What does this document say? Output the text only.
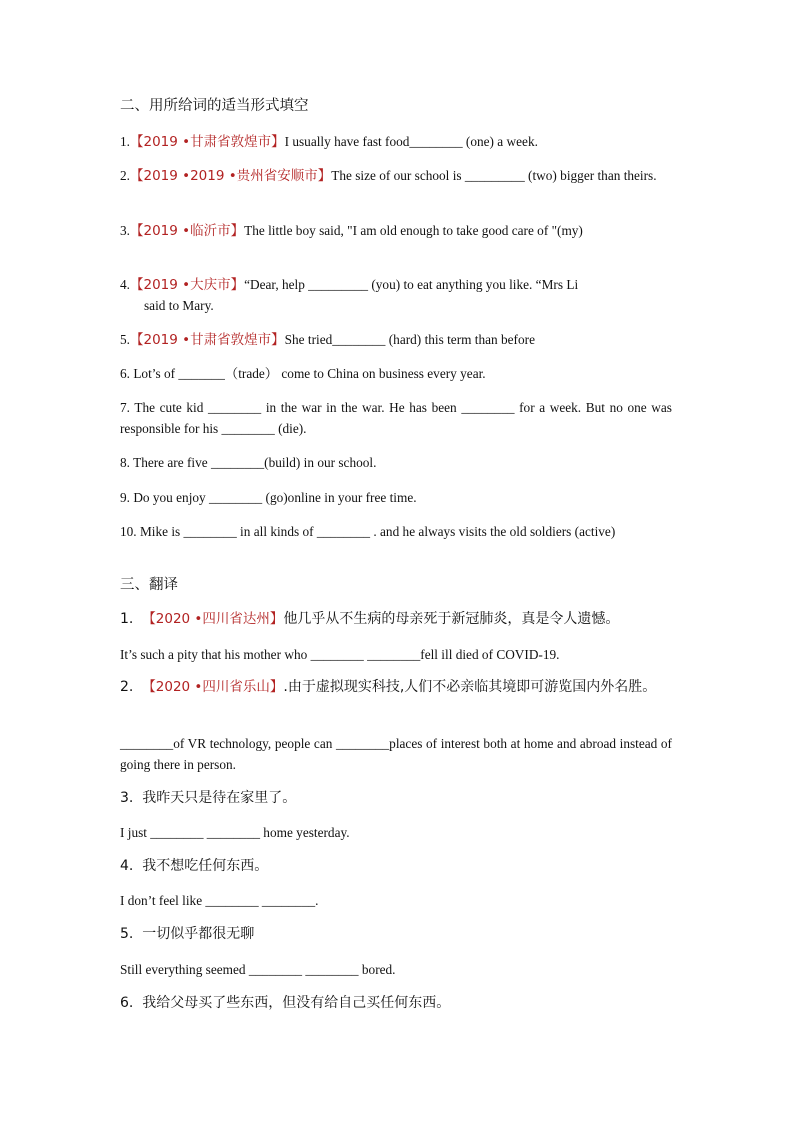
二、用所给词的适当形式填空

1.【2019 •甘肃省敦煌市】I usually have fast food________ (one) a week.

2.【2019 •2019 •贵州省安顺市】The size of our school is _________ (two) bigger than theirs.

3.【2019 •临沂市】The little boy said, "I am old enough to take good care of "(my)

4.【2019 •大庆市】“Dear, help _________ (you) to eat anything you like. “Mrs Li

said to Mary.

5.【2019 •甘肃省敦煌市】She tried________ (hard) this term than before

6. Lot’s of _______（trade） come to China on business every year.

7. The cute kid ________ in the war in the war. He has been ________ for a week. But no one was responsible for his ________ (die).

8. There are five ________(build) in our school.

9. Do you enjoy ________ (go)online in your free time.

10. Mike is ________ in all kinds of ________ . and he always visits the old soldiers (active)

三、翻译

1. 【2020 •四川省达州】他几乎从不生病的母亲死于新冠肺炎，真是令人遗憾。

It’s such a pity that his mother who ________ ________fell ill died of COVID-19.

2. 【2020 •四川省乐山】.由于虚拟现实科技,人们不必亲临其境即可游览国内外名胜。

________of VR technology, people can ________places of interest both at home and abroad instead of going there in person.

3. 我昨天只是待在家里了。

I just ________ ________ home yesterday.

4. 我不想吃任何东西。

I don’t feel like ________ ________.

5. 一切似乎都很无聊

Still everything seemed ________ ________ bored.

6. 我给父母买了些东西，但没有给自己买任何东西。
